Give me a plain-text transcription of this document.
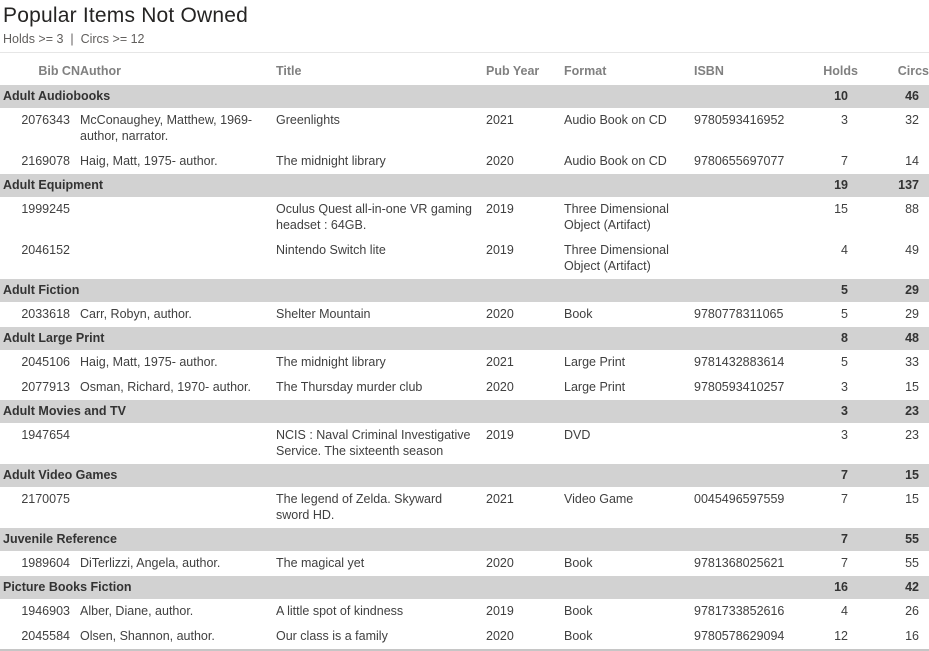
Popular Items Not Owned
Holds >= 3  |  Circs >= 12
Bib CN	Author	Title	Pub Year	Format	ISBN	Holds	Circs
Adult Audiobooks						10	46
2076343	McConaughey, Matthew, 1969- author, narrator.	Greenlights	2021	Audio Book on CD	9780593416952	3	32
2169078	Haig, Matt, 1975- author.	The midnight library	2020	Audio Book on CD	9780655697077	7	14
Adult Equipment						19	137
1999245		Oculus Quest all-in-one VR gaming headset : 64GB.	2019	Three Dimensional Object (Artifact)		15	88
2046152		Nintendo Switch lite	2019	Three Dimensional Object (Artifact)		4	49
Adult Fiction						5	29
2033618	Carr, Robyn, author.	Shelter Mountain	2020	Book	9780778311065	5	29
Adult Large Print						8	48
2045106	Haig, Matt, 1975- author.	The midnight library	2021	Large Print	9781432883614	5	33
2077913	Osman, Richard, 1970- author.	The Thursday murder club	2020	Large Print	9780593410257	3	15
Adult Movies and TV						3	23
1947654		NCIS : Naval Criminal Investigative Service. The sixteenth season	2019	DVD		3	23
Adult Video Games						7	15
2170075		The legend of Zelda. Skyward sword HD.	2021	Video Game	0045496597559	7	15
Juvenile Reference						7	55
1989604	DiTerlizzi, Angela, author.	The magical yet	2020	Book	9781368025621	7	55
Picture Books Fiction						16	42
1946903	Alber, Diane, author.	A little spot of kindness	2019	Book	9781733852616	4	26
2045584	Olsen, Shannon, author.	Our class is a family	2020	Book	9780578629094	12	16
